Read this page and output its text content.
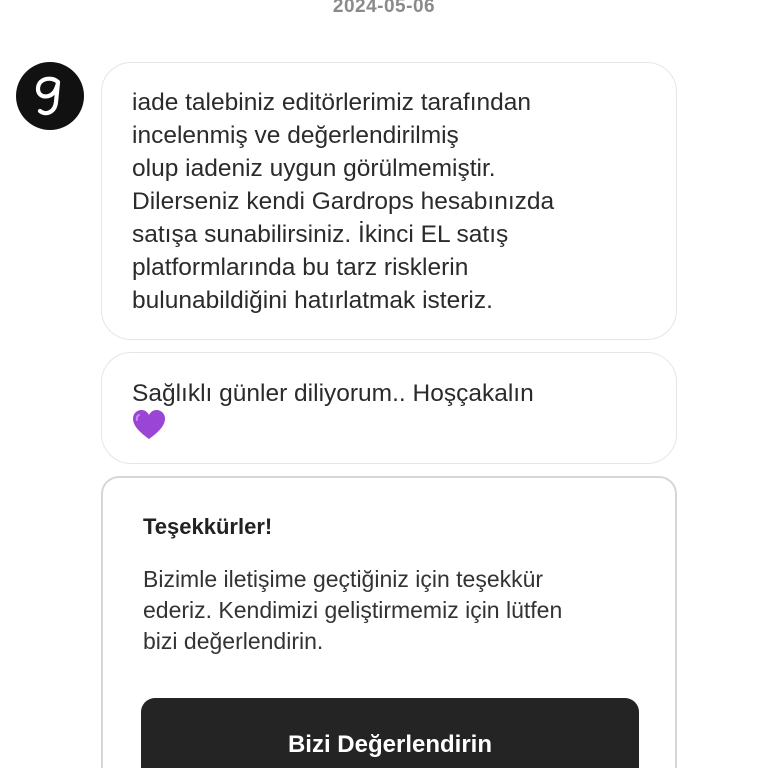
2024-05-06
iade talebiniz editörlerimiz tarafından
incelenmiş ve değerlendirilmiş
olup iadeniz uygun görülmemiştir.
Dilerseniz kendi Gardrops hesabınızda
satışa sunabilirsiniz. İkinci EL satış
platformlarında bu tarz risklerin
bulunabildiğini hatırlatmak isteriz.
Sağlıklı günler diliyorum.. Hoşçakalın
Teşekkürler!
Bizimle iletişime geçtiğiniz için teşekkür
ederiz. Kendimizi geliştirmemiz için lütfen
bizi değerlendirin.
Bizi Değerlendirin
